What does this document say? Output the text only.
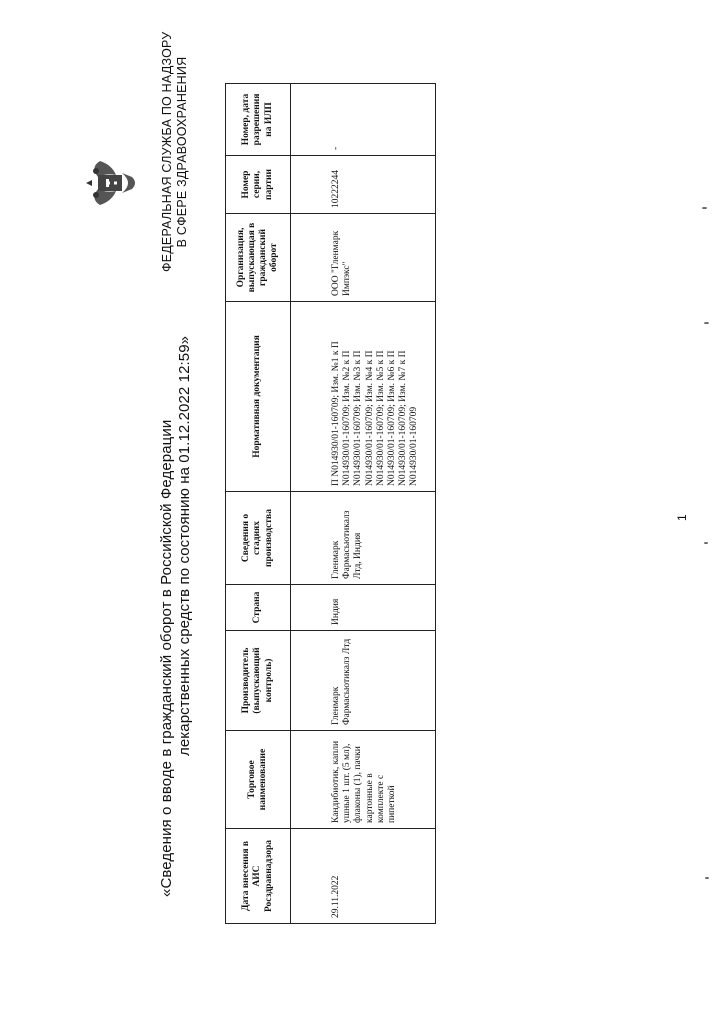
ФЕДЕРАЛЬНАЯ СЛУЖБА ПО НАДЗОРУ В СФЕРЕ ЗДРАВООХРАНЕНИЯ
«Сведения о вводе в гражданский оборот в Российской Федерации лекарственных средств по состоянию на 01.12.2022 12:59»
Дата внесения в АИС Росздравнадзора	Торговое наименование	Производитель (выпускающий контроль)	Страна	Сведения о стадиях производства	Нормативная документация	Организация, выпускающая в гражданский оборот	Номер серии, партии	Номер, дата разрешения на ИЛП
29.11.2022	Кандибиотик, капли ушные 1 шт. (5 мл), флаконы (1), пачки картонные в комплекте с пипеткой	Гленмарк Фармасьютикалз Лтд	Индия	Гленмарк Фармасьютикалз Лтд, Индия	П N014930/01-160709; Изм. №1 к П N014930/01-160709; Изм. №2 к П N014930/01-160709; Изм. №3 к П N014930/01-160709; Изм. №4 к П N014930/01-160709; Изм. №5 к П N014930/01-160709; Изм. №6 к П N014930/01-160709; Изм. №7 к П N014930/01-160709	ООО "Гленмарк Импэкс"	10222244	-
1
